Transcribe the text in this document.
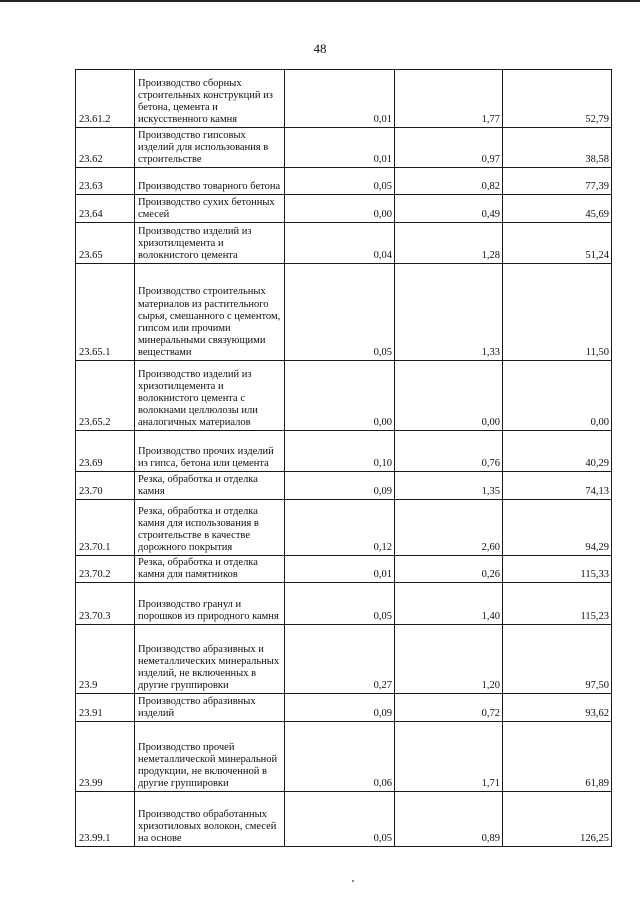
48
23.61.2	Производство сборных строительных конструкций из бетона, цемента и искусственного камня	0,01	1,77	52,79
23.62	Производство гипсовых изделий для использования в строительстве	0,01	0,97	38,58
23.63	Производство товарного бетона	0,05	0,82	77,39
23.64	Производство сухих бетонных смесей	0,00	0,49	45,69
23.65	Производство изделий из хризотилцемента и волокнистого цемента	0,04	1,28	51,24
23.65.1	Производство строительных материалов из растительного сырья, смешанного с цементом, гипсом или прочими минеральными связующими веществами	0,05	1,33	11,50
23.65.2	Производство изделий из хризотилцемента и волокнистого цемента с волокнами целлюлозы или аналогичных материалов	0,00	0,00	0,00
23.69	Производство прочих изделий из гипса, бетона или цемента	0,10	0,76	40,29
23.70	Резка, обработка и отделка камня	0,09	1,35	74,13
23.70.1	Резка, обработка и отделка камня для использования в строительстве в качестве дорожного покрытия	0,12	2,60	94,29
23.70.2	Резка, обработка и отделка камня для памятников	0,01	0,26	115,33
23.70.3	Производство гранул и порошков из природного камня	0,05	1,40	115,23
23.9	Производство абразивных и неметаллических минеральных изделий, не включенных в другие группировки	0,27	1,20	97,50
23.91	Производство абразивных изделий	0,09	0,72	93,62
23.99	Производство прочей неметаллической минеральной продукции, не включенной в другие группировки	0,06	1,71	61,89
23.99.1	Производство обработанных хризотиловых волокон, смесей на основе	0,05	0,89	126,25
